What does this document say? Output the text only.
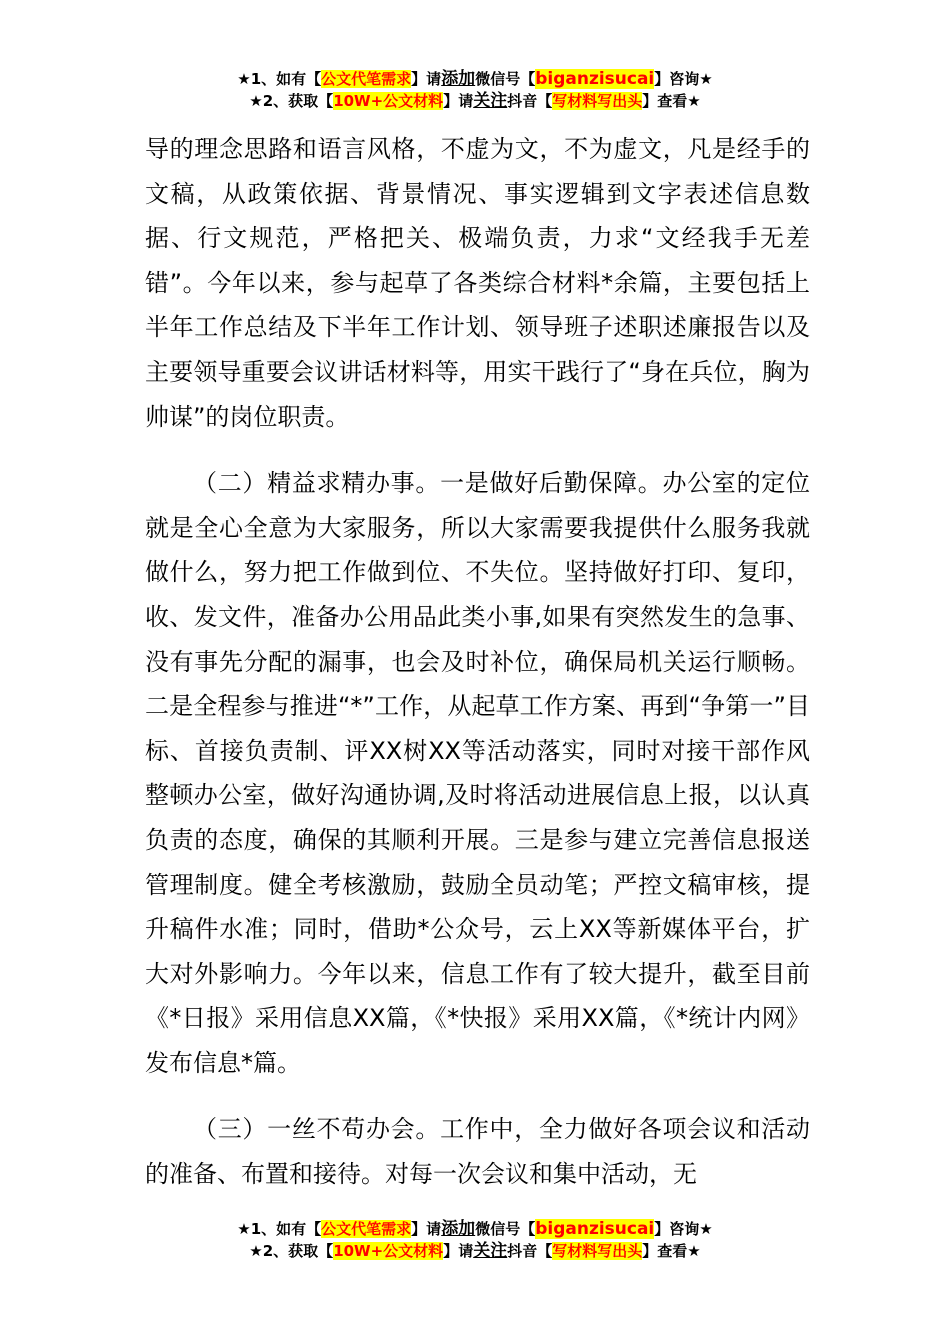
★1、如有【公文代笔需求】请添加微信号【biganzisucai】咨询★
★2、获取【10W+公文材料】请关注抖音【写材料写出头】查看★

导的理念思路和语言风格，不虚为文，不为虚文，凡是经手的文稿，从政策依据、背景情况、事实逻辑到文字表述信息数据、行文规范，严格把关、极端负责，力求“文经我手无差错”。今年以来，参与起草了各类综合材料*余篇，主要包括上半年工作总结及下半年工作计划、领导班子述职述廉报告以及主要领导重要会议讲话材料等，用实干践行了“身在兵位，胸为帅谋”的岗位职责。

（二）精益求精办事。一是做好后勤保障。办公室的定位就是全心全意为大家服务，所以大家需要我提供什么服务我就做什么，努力把工作做到位、不失位。坚持做好打印、复印，收、发文件，准备办公用品此类小事,如果有突然发生的急事、没有事先分配的漏事，也会及时补位，确保局机关运行顺畅。二是全程参与推进“*”工作，从起草工作方案、再到“争第一”目标、首接负责制、评XX树XX等活动落实，同时对接干部作风整顿办公室，做好沟通协调,及时将活动进展信息上报，以认真负责的态度，确保的其顺利开展。三是参与建立完善信息报送管理制度。健全考核激励，鼓励全员动笔；严控文稿审核，提升稿件水准；同时，借助*公众号，云上XX等新媒体平台，扩大对外影响力。今年以来，信息工作有了较大提升，截至目前《*日报》采用信息XX篇，《*快报》采用XX篇，《*统计内网》发布信息*篇。

（三）一丝不苟办会。工作中，全力做好各项会议和活动的准备、布置和接待。对每一次会议和集中活动，无

★1、如有【公文代笔需求】请添加微信号【biganzisucai】咨询★
★2、获取【10W+公文材料】请关注抖音【写材料写出头】查看★
